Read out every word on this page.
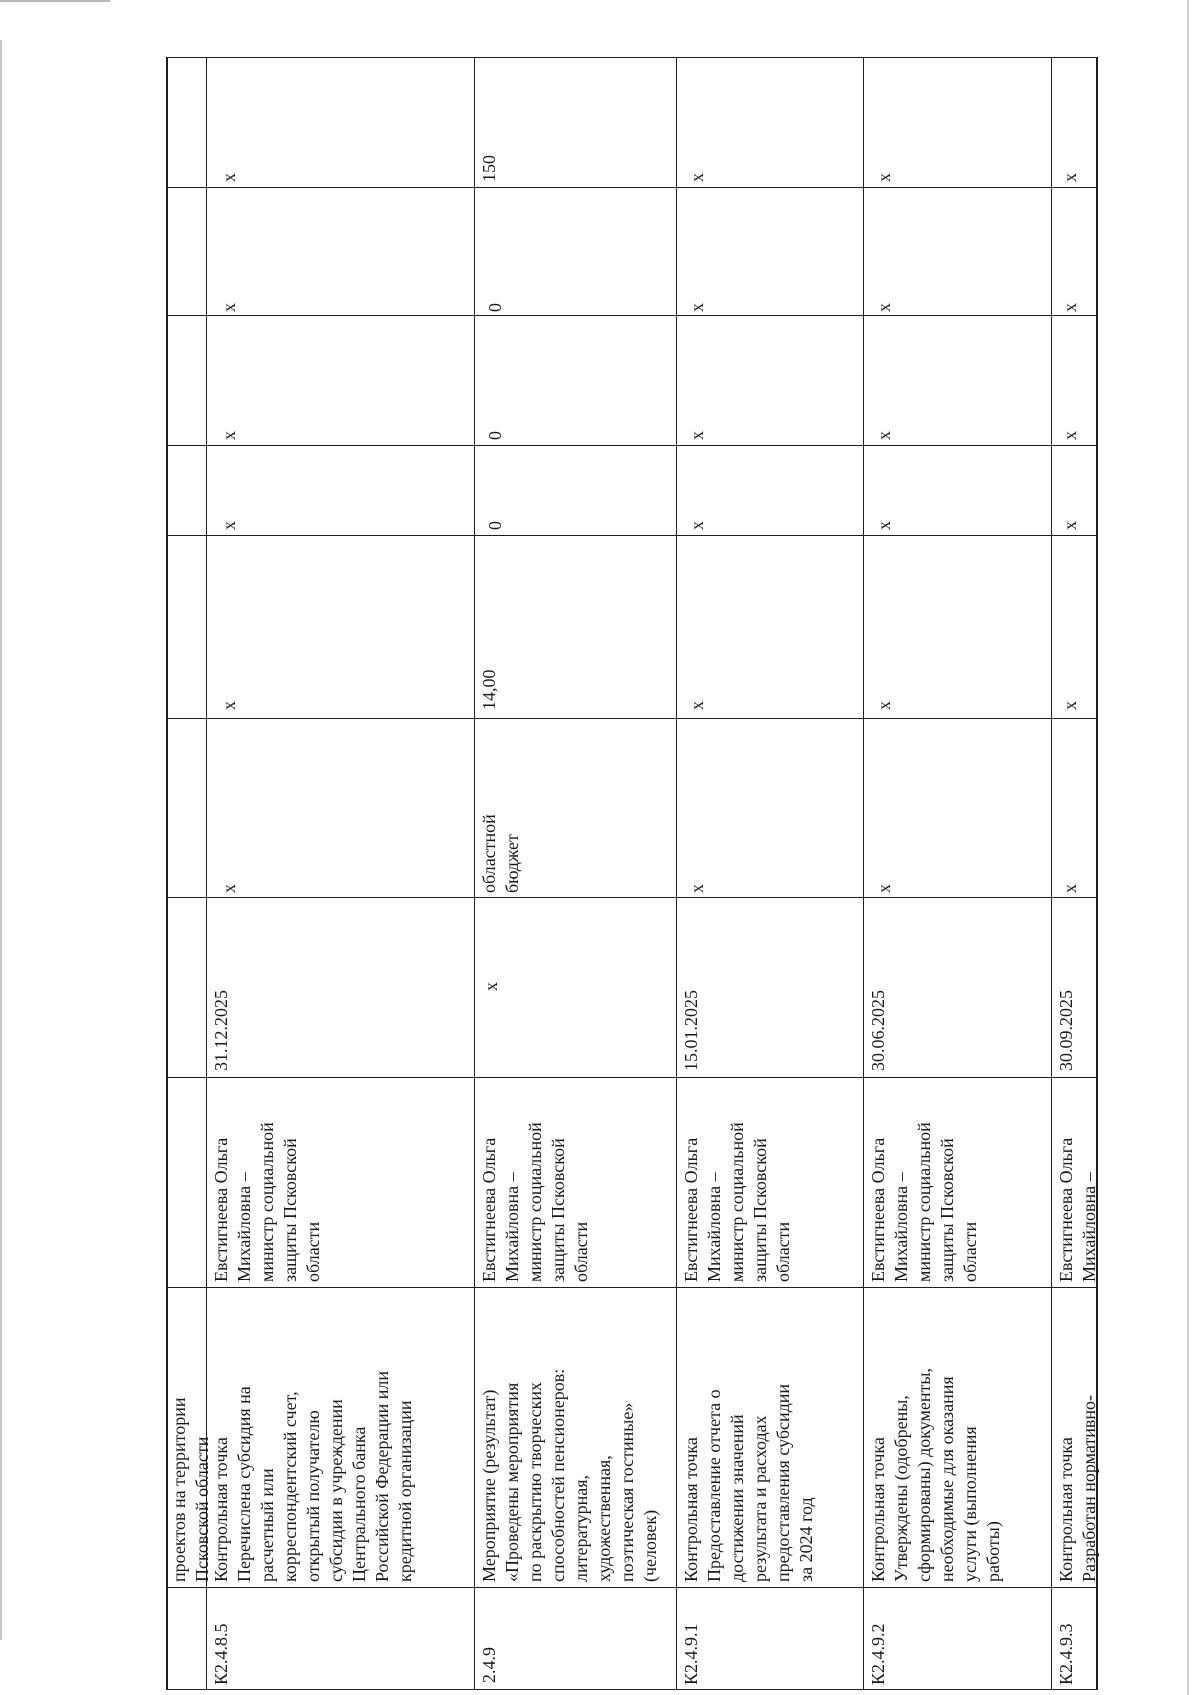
проектов на территории
Псковской области
К2.4.8.5
Контрольная точка
Перечислена субсидия на
расчетный или
корреспондентский счет,
открытый получателю
субсидии в учреждении
Центрального банка
Российской Федерации или
кредитной организации
Евстигнеева Ольга
Михайловна –
министр социальной
защиты Псковской
области
31.12.2025
х
х
х
х
х
х
2.4.9
Мероприятие (результат)
«Проведены мероприятия
по раскрытию творческих
способностей пенсионеров:
литературная,
художественная,
поэтическая гостиные»
(человек)
Евстигнеева Ольга
Михайловна –
министр социальной
защиты Псковской
области
х
областной
бюджет
14,00
0
0
0
150
К2.4.9.1
Контрольная точка
Предоставление отчета о
достижении значений
результата и расходах
предоставления субсидии
за 2024 год
Евстигнеева Ольга
Михайловна –
министр социальной
защиты Псковской
области
15.01.2025
х
х
х
х
х
х
К2.4.9.2
Контрольная точка
Утверждены (одобрены,
сформированы) документы,
необходимые для оказания
услуги (выполнения
работы)
Евстигнеева Ольга
Михайловна –
министр социальной
защиты Псковской
области
30.06.2025
х
х
х
х
х
х
К2.4.9.3
Контрольная точка
Разработан нормативно-
Евстигнеева Ольга
Михайловна –
30.09.2025
х
х
х
х
х
х
